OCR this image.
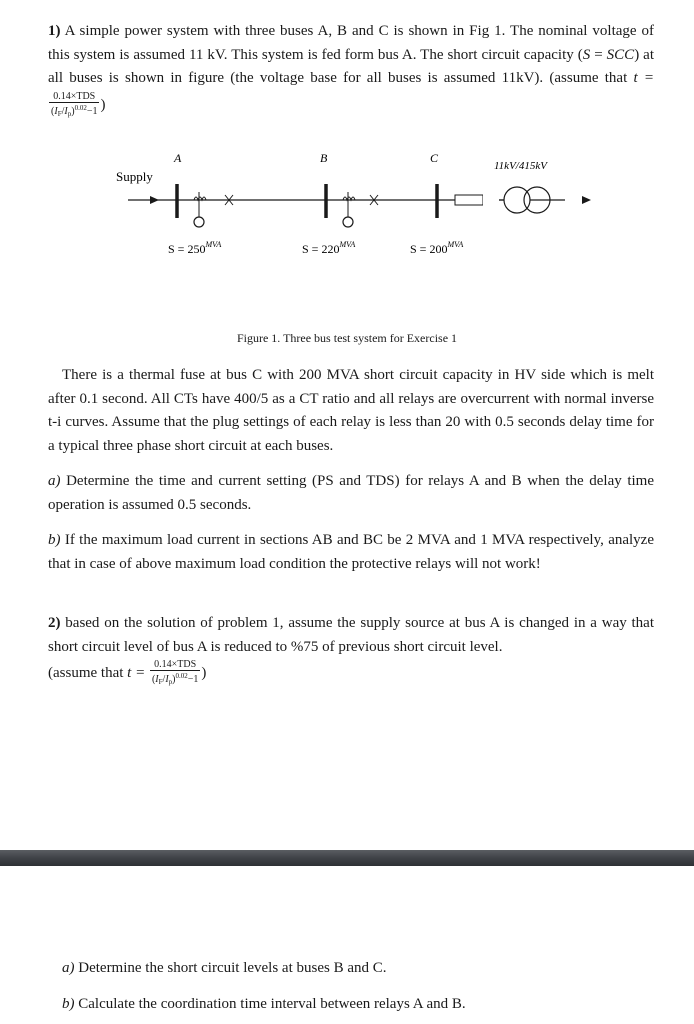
1) A simple power system with three buses A, B and C is shown in Fig 1. The nominal voltage of this system is assumed 11 kV. This system is fed form bus A. The short circuit capacity (S = SCC) at all buses is shown in figure (the voltage base for all buses is assumed 11kV). (assume that t =
$\frac{\text{0.14×TDS}}{(I_F/I_p)^{0.02}-1}$ )
Supply
A
$S = 250^{MVA}$
B
$S = 220^{MVA}$
C
$S = 200^{MVA}$
11kV/415kV
Figure 1. Three bus test system for Exercise 1
There is a thermal fuse at bus C with 200 MVA short circuit capacity in HV side which is melt after 0.1 second. All CTs have 400/5 as a CT ratio and all relays are overcurrent with normal inverse t-i curves. Assume that the plug settings of each relay is less than 20 with 0.5 seconds delay time for a typical three phase short circuit at each buses.
a) Determine the time and current setting (PS and TDS) for relays A and B when the delay time operation is assumed 0.5 seconds.
b) If the maximum load current in sections AB and BC be 2 MVA and 1 MVA respectively, analyze that in case of above maximum load condition the protective relays will not work!
2) based on the solution of problem 1, assume the supply source at bus A is changed in a way that short circuit level of bus A is reduced to %75 of previous short circuit level.
(assume that $t = \frac{\text{0.14×TDS}}{(I_F/I_p)^{0.02}-1}$ )
a) Determine the short circuit levels at buses B and C.
b) Calculate the coordination time interval between relays A and B.
